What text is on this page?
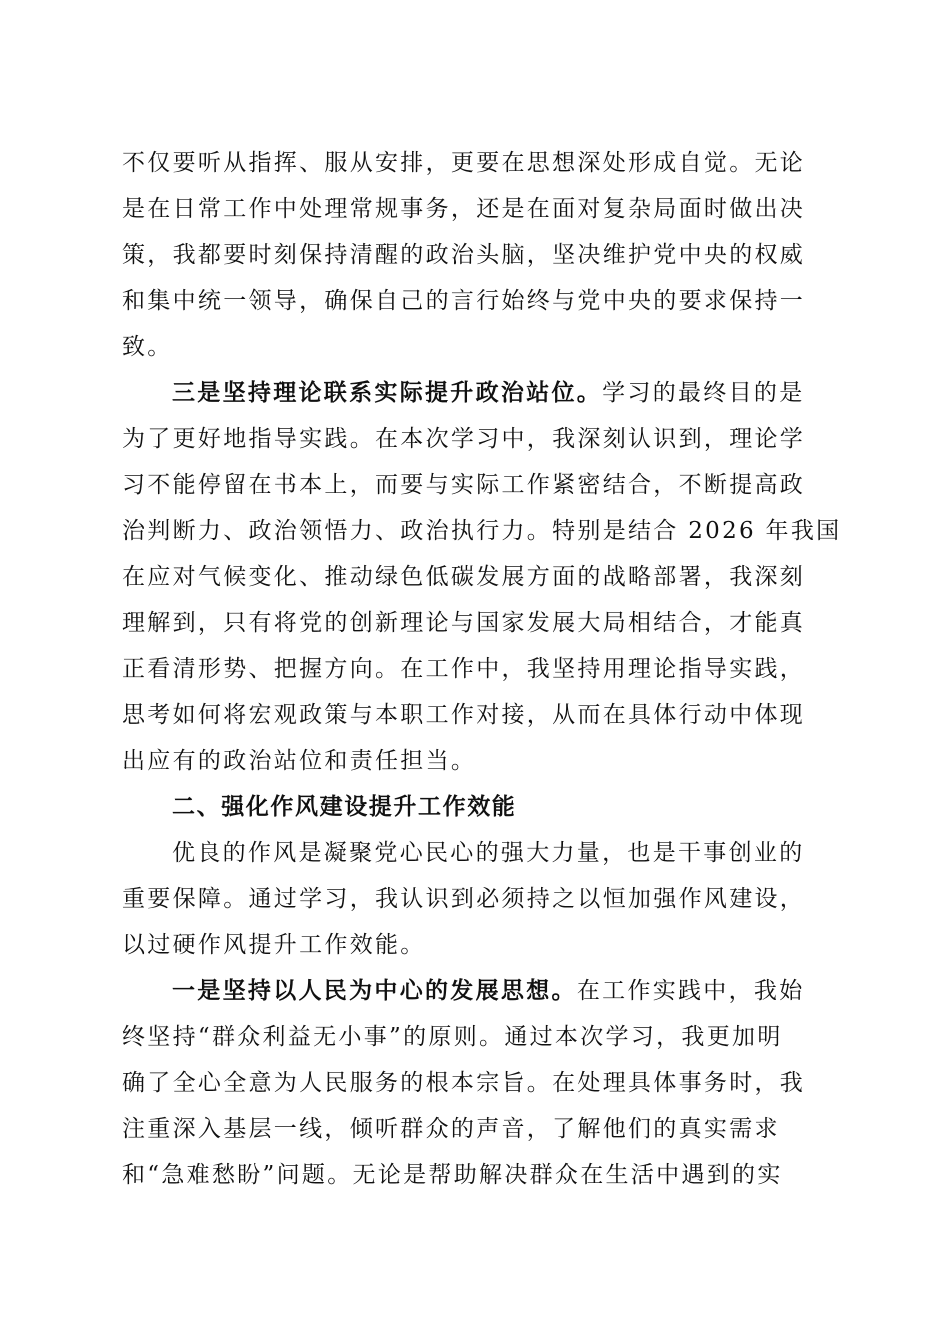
不仅要听从指挥、服从安排，更要在思想深处形成自觉。无论
是在日常工作中处理常规事务，还是在面对复杂局面时做出决
策，我都要时刻保持清醒的政治头脑，坚决维护党中央的权威
和集中统一领导，确保自己的言行始终与党中央的要求保持一
致。
三是坚持理论联系实际提升政治站位。学习的最终目的是
为了更好地指导实践。在本次学习中，我深刻认识到，理论学
习不能停留在书本上，而要与实际工作紧密结合，不断提高政
治判断力、政治领悟力、政治执行力。特别是结合 2026 年我国
在应对气候变化、推动绿色低碳发展方面的战略部署，我深刻
理解到，只有将党的创新理论与国家发展大局相结合，才能真
正看清形势、把握方向。在工作中，我坚持用理论指导实践，
思考如何将宏观政策与本职工作对接，从而在具体行动中体现
出应有的政治站位和责任担当。
二、强化作风建设提升工作效能
优良的作风是凝聚党心民心的强大力量，也是干事创业的
重要保障。通过学习，我认识到必须持之以恒加强作风建设，
以过硬作风提升工作效能。
一是坚持以人民为中心的发展思想。在工作实践中，我始
终坚持“群众利益无小事”的原则。通过本次学习，我更加明
确了全心全意为人民服务的根本宗旨。在处理具体事务时，我
注重深入基层一线，倾听群众的声音，了解他们的真实需求
和“急难愁盼”问题。无论是帮助解决群众在生活中遇到的实
